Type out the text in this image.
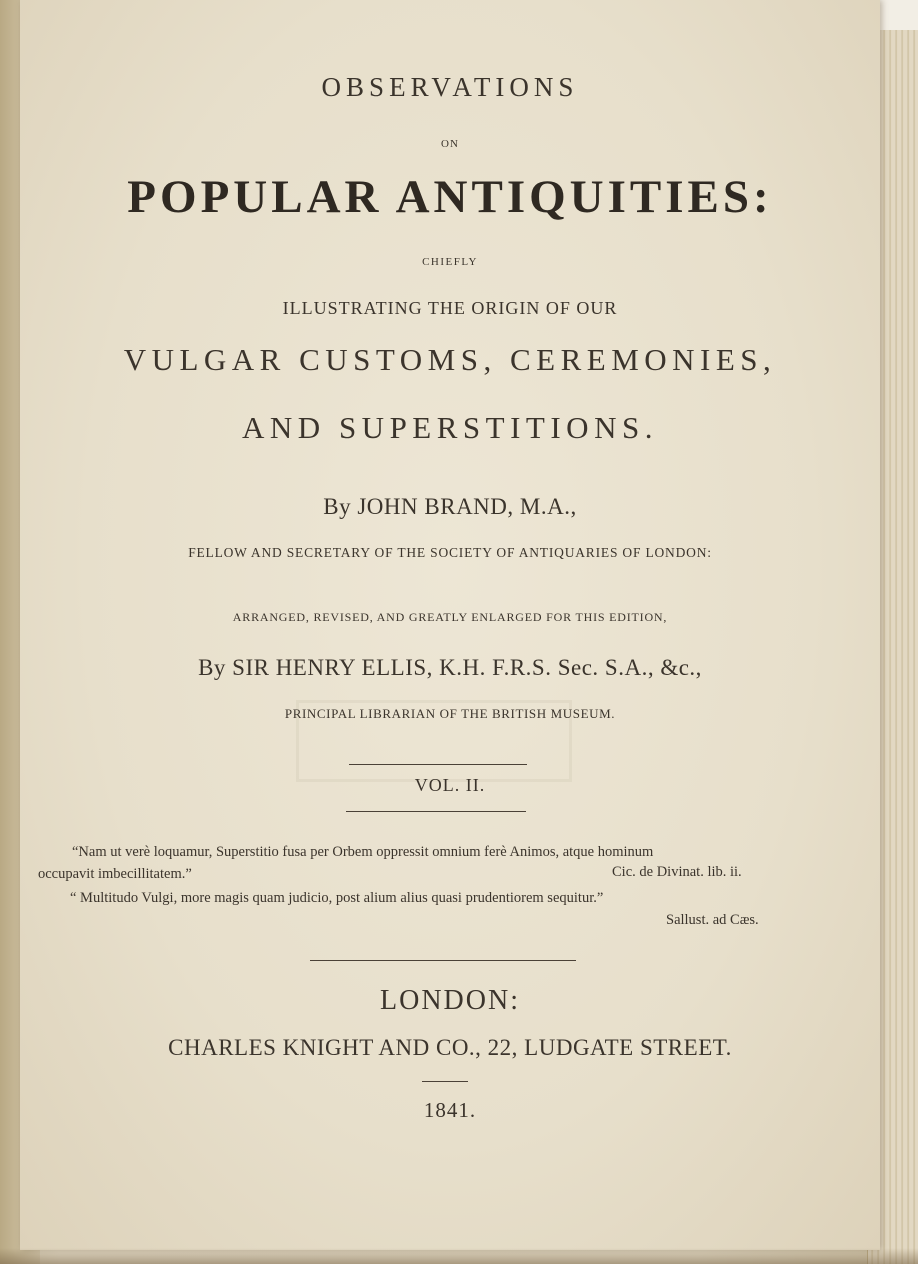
OBSERVATIONS
ON
POPULAR ANTIQUITIES:
CHIEFLY
ILLUSTRATING THE ORIGIN OF OUR
VULGAR CUSTOMS, CEREMONIES,
AND SUPERSTITIONS.
By JOHN BRAND, M.A.,
FELLOW AND SECRETARY OF THE SOCIETY OF ANTIQUARIES OF LONDON:
ARRANGED, REVISED, AND GREATLY ENLARGED FOR THIS EDITION,
By SIR HENRY ELLIS, K.H. F.R.S. Sec. S.A., &c.,
PRINCIPAL LIBRARIAN OF THE BRITISH MUSEUM.
VOL. II.
“Nam ut verè loquamur, Superstitio fusa per Orbem oppressit omnium ferè Animos, atque hominum
occupavit imbecillitatem.”	Cic. de Divinat. lib. ii.
“ Multitudo Vulgi, more magis quam judicio, post alium alius quasi prudentiorem sequitur.”
Sallust. ad Cæs.
LONDON:
CHARLES KNIGHT AND CO., 22, LUDGATE STREET.
1841.
